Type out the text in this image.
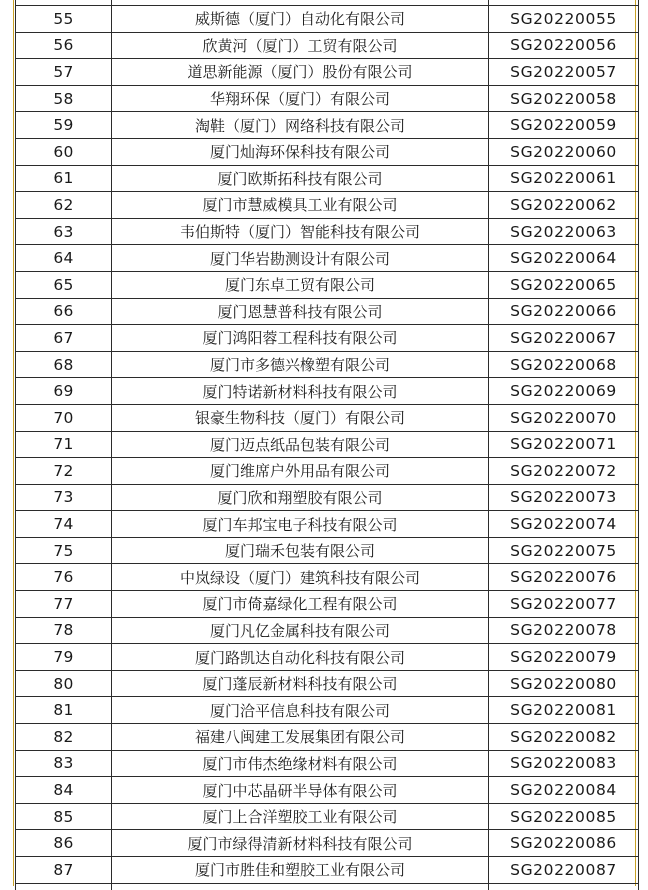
55	威斯德（厦门）自动化有限公司	SG20220055
56	欣黄河（厦门）工贸有限公司	SG20220056
57	道思新能源（厦门）股份有限公司	SG20220057
58	华翔环保（厦门）有限公司	SG20220058
59	淘鞋（厦门）网络科技有限公司	SG20220059
60	厦门灿海环保科技有限公司	SG20220060
61	厦门欧斯拓科技有限公司	SG20220061
62	厦门市慧威模具工业有限公司	SG20220062
63	韦伯斯特（厦门）智能科技有限公司	SG20220063
64	厦门华岩勘测设计有限公司	SG20220064
65	厦门东卓工贸有限公司	SG20220065
66	厦门恩慧普科技有限公司	SG20220066
67	厦门鸿阳蓉工程科技有限公司	SG20220067
68	厦门市多德兴橡塑有限公司	SG20220068
69	厦门特诺新材料科技有限公司	SG20220069
70	银豪生物科技（厦门）有限公司	SG20220070
71	厦门迈点纸品包装有限公司	SG20220071
72	厦门维席户外用品有限公司	SG20220072
73	厦门欣和翔塑胶有限公司	SG20220073
74	厦门车邦宝电子科技有限公司	SG20220074
75	厦门瑞禾包装有限公司	SG20220075
76	中岚绿设（厦门）建筑科技有限公司	SG20220076
77	厦门市倚嘉绿化工程有限公司	SG20220077
78	厦门凡亿金属科技有限公司	SG20220078
79	厦门路凯达自动化科技有限公司	SG20220079
80	厦门蓬辰新材料科技有限公司	SG20220080
81	厦门洽平信息科技有限公司	SG20220081
82	福建八闽建工发展集团有限公司	SG20220082
83	厦门市伟杰绝缘材料有限公司	SG20220083
84	厦门中芯晶研半导体有限公司	SG20220084
85	厦门上合洋塑胶工业有限公司	SG20220085
86	厦门市绿得清新材料科技有限公司	SG20220086
87	厦门市胜佳和塑胶工业有限公司	SG20220087
